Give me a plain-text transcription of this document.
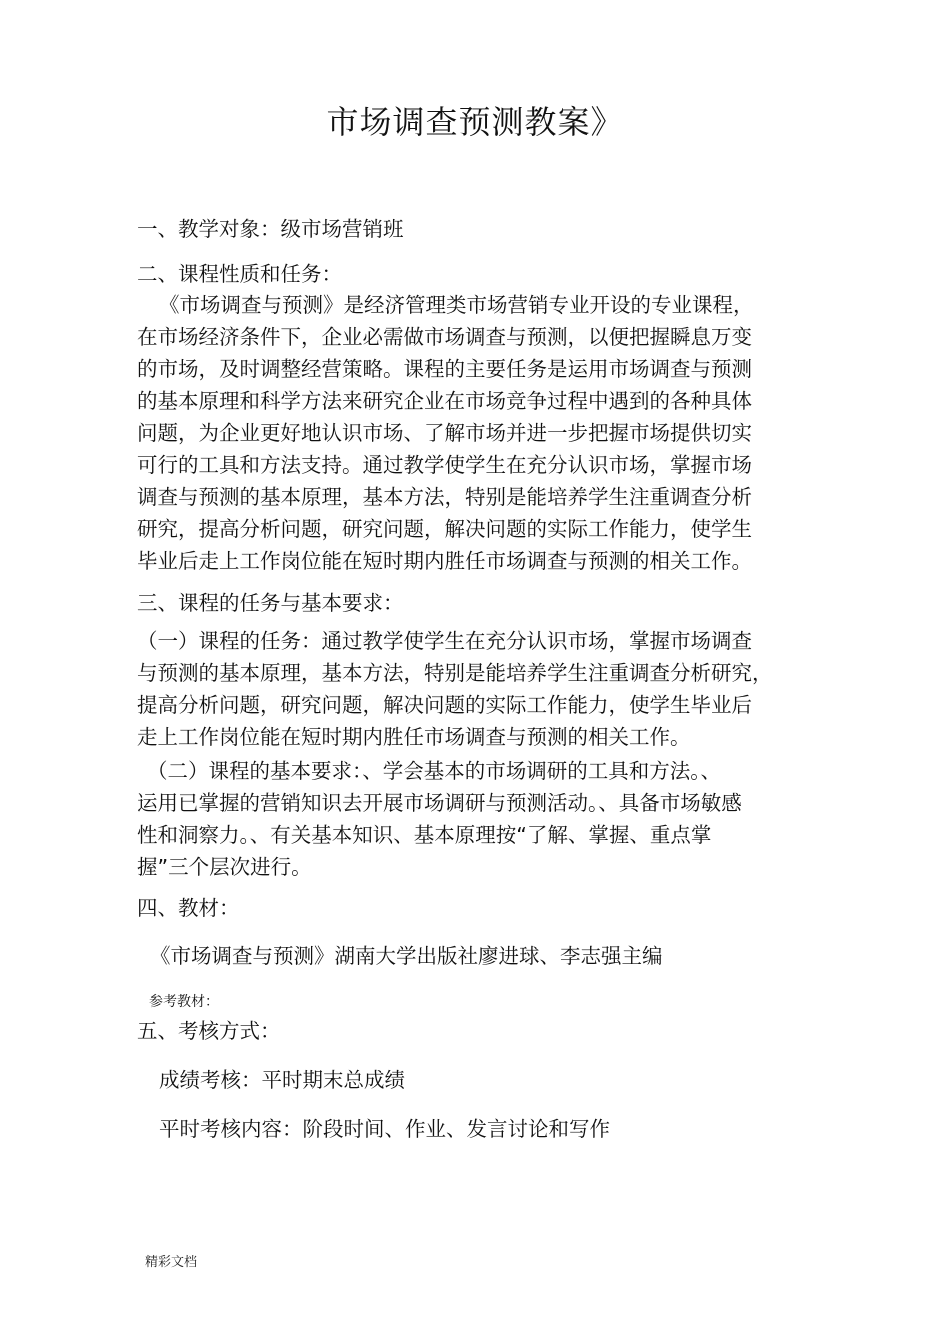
市场调查预测教案》
一、教学对象：级市场营销班
二、课程性质和任务：
《市场调查与预测》是经济管理类市场营销专业开设的专业课程，
在市场经济条件下，企业必需做市场调查与预测，以便把握瞬息万变
的市场，及时调整经营策略。课程的主要任务是运用市场调查与预测
的基本原理和科学方法来研究企业在市场竞争过程中遇到的各种具体
问题，为企业更好地认识市场、了解市场并进一步把握市场提供切实
可行的工具和方法支持。通过教学使学生在充分认识市场，掌握市场
调查与预测的基本原理，基本方法，特别是能培养学生注重调查分析
研究，提高分析问题，研究问题，解决问题的实际工作能力，使学生
毕业后走上工作岗位能在短时期内胜任市场调查与预测的相关工作。
三、课程的任务与基本要求：
（一）课程的任务：通过教学使学生在充分认识市场，掌握市场调查
与预测的基本原理，基本方法，特别是能培养学生注重调查分析研究，
提高分析问题，研究问题，解决问题的实际工作能力，使学生毕业后
走上工作岗位能在短时期内胜任市场调查与预测的相关工作。
（二）课程的基本要求：、学会基本的市场调研的工具和方法。、
运用已掌握的营销知识去开展市场调研与预测活动。、具备市场敏感
性和洞察力。、有关基本知识、基本原理按“了解、掌握、重点掌
握”三个层次进行。
四、教材：
《市场调查与预测》湖南大学出版社廖进球、李志强主编
参考教材：
五、考核方式：
成绩考核：平时期末总成绩
平时考核内容：阶段时间、作业、发言讨论和写作
精彩文档
